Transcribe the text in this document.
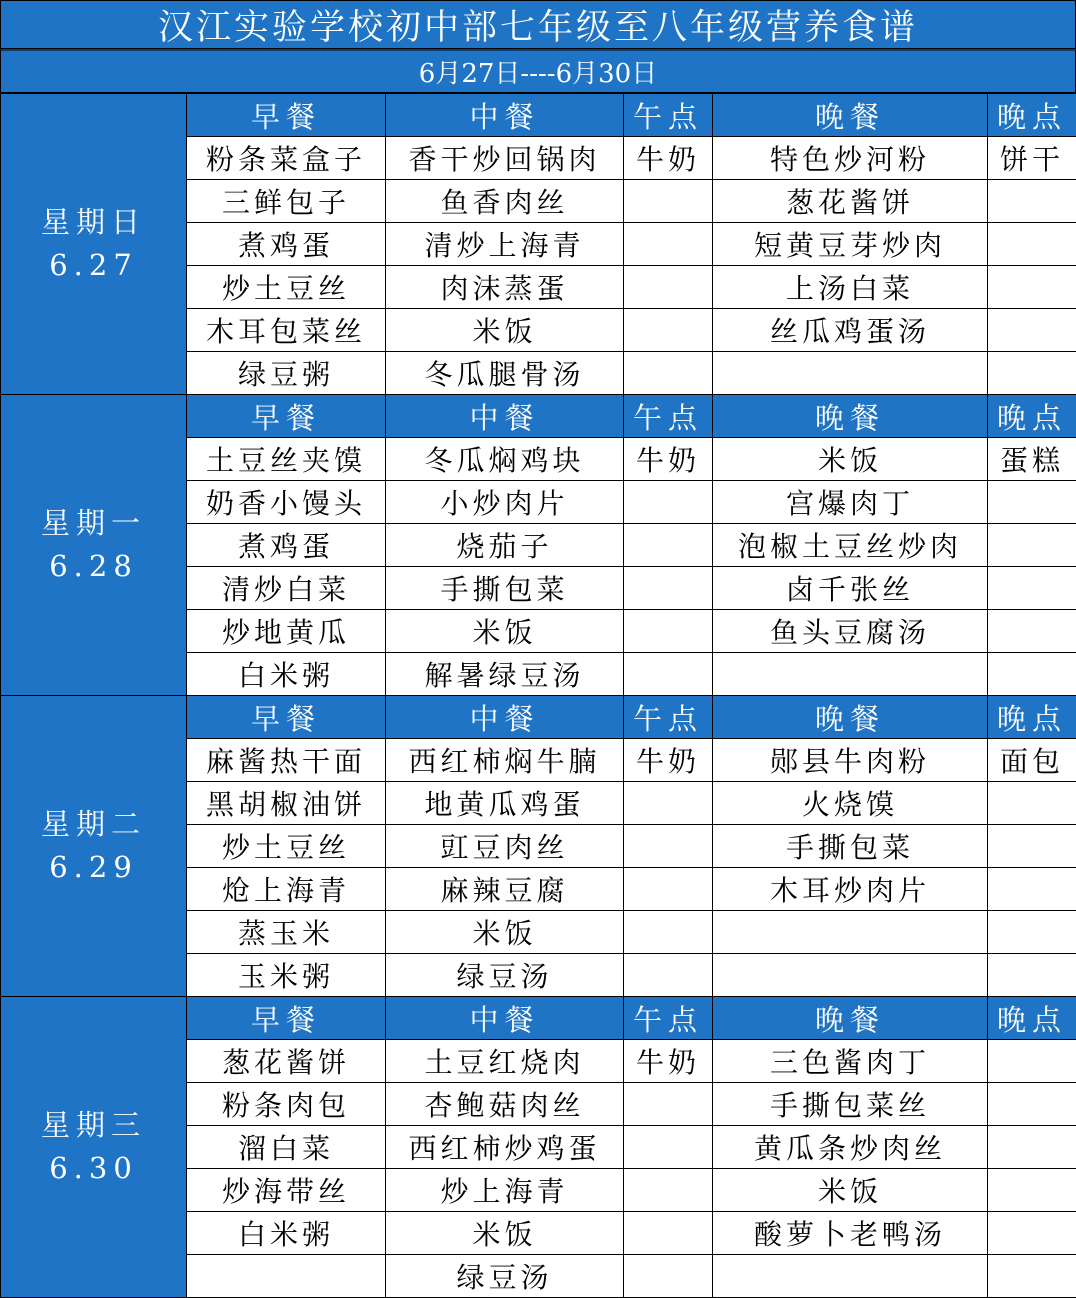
汉江实验学校初中部七年级至八年级营养食谱
6月27日----6月30日
星期日
6.27	早餐	中餐	午点	晚餐	晚点
	粉条菜盒子	香干炒回锅肉	牛奶	特色炒河粉	饼干
	三鲜包子	鱼香肉丝		葱花酱饼	
	煮鸡蛋	清炒上海青		短黄豆芽炒肉	
	炒土豆丝	肉沫蒸蛋		上汤白菜	
	木耳包菜丝	米饭		丝瓜鸡蛋汤	
	绿豆粥	冬瓜腿骨汤			

星期一
6.28	早餐	中餐	午点	晚餐	晚点
	土豆丝夹馍	冬瓜焖鸡块	牛奶	米饭	蛋糕
	奶香小馒头	小炒肉片		宫爆肉丁	
	煮鸡蛋	烧茄子		泡椒土豆丝炒肉	
	清炒白菜	手撕包菜		卤千张丝	
	炒地黄瓜	米饭		鱼头豆腐汤	
	白米粥	解暑绿豆汤			

星期二
6.29	早餐	中餐	午点	晚餐	晚点
	麻酱热干面	西红柿焖牛腩	牛奶	郧县牛肉粉	面包
	黑胡椒油饼	地黄瓜鸡蛋		火烧馍	
	炒土豆丝	豇豆肉丝		手撕包菜	
	炝上海青	麻辣豆腐		木耳炒肉片	
	蒸玉米	米饭			
	玉米粥	绿豆汤			

星期三
6.30	早餐	中餐	午点	晚餐	晚点
	葱花酱饼	土豆红烧肉	牛奶	三色酱肉丁	
	粉条肉包	杏鲍菇肉丝		手撕包菜丝	
	溜白菜	西红柿炒鸡蛋		黄瓜条炒肉丝	
	炒海带丝	炒上海青		米饭	
	白米粥	米饭		酸萝卜老鸭汤	
		绿豆汤			
